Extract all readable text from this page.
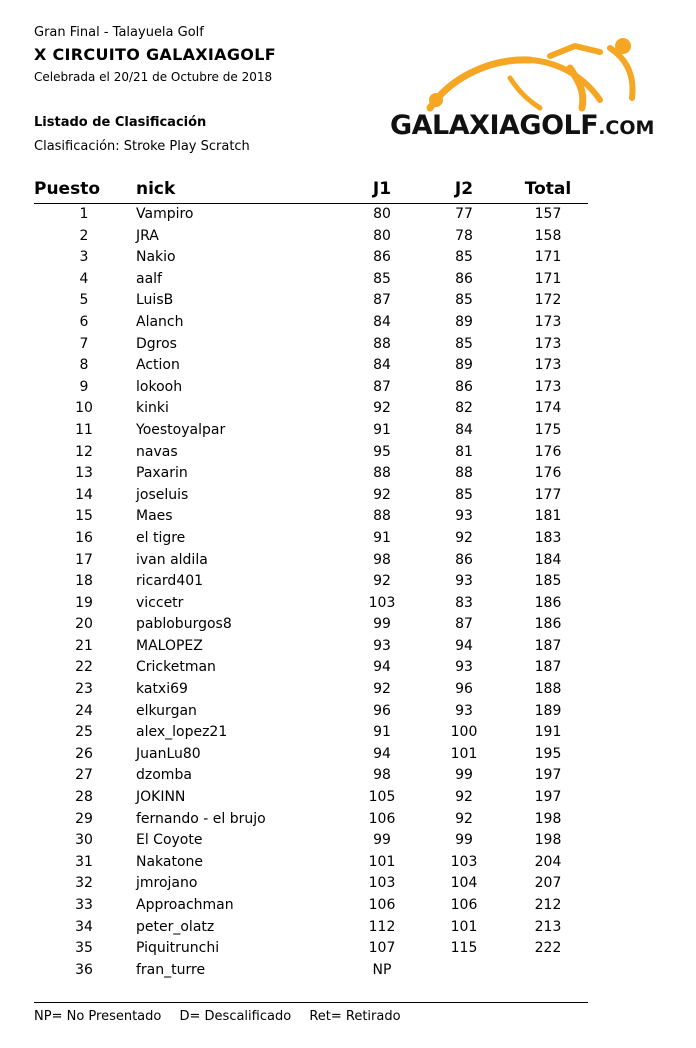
Gran Final - Talayuela Golf
X CIRCUITO GALAXIAGOLF
Celebrada el 20/21 de Octubre de 2018
Listado de Clasificación
Clasificación: Stroke Play Scratch
GALAXIAGOLF.COM
Puesto nick	J1	J2	Total
1	Vampiro	80	77	157
2	JRA	80	78	158
3	Nakio	86	85	171
4	aalf	85	86	171
5	LuisB	87	85	172
6	Alanch	84	89	173
7	Dgros	88	85	173
8	Action	84	89	173
9	lokooh	87	86	173
10	kinki	92	82	174
11	Yoestoyalpar	91	84	175
12	navas	95	81	176
13	Paxarin	88	88	176
14	joseluis	92	85	177
15	Maes	88	93	181
16	el tigre	91	92	183
17	ivan aldila	98	86	184
18	ricard401	92	93	185
19	viccetr	103	83	186
20	pabloburgos8	99	87	186
21	MALOPEZ	93	94	187
22	Cricketman	94	93	187
23	katxi69	92	96	188
24	elkurgan	96	93	189
25	alex_lopez21	91	100	191
26	JuanLu80	94	101	195
27	dzomba	98	99	197
28	JOKINN	105	92	197
29	fernando - el brujo	106	92	198
30	El Coyote	99	99	198
31	Nakatone	101	103	204
32	jmrojano	103	104	207
33	Approachman	106	106	212
34	peter_olatz	112	101	213
35	Piquitrunchi	107	115	222
36	fran_turre	NP
NP= No Presentado D= Descalificado Ret= Retirado
